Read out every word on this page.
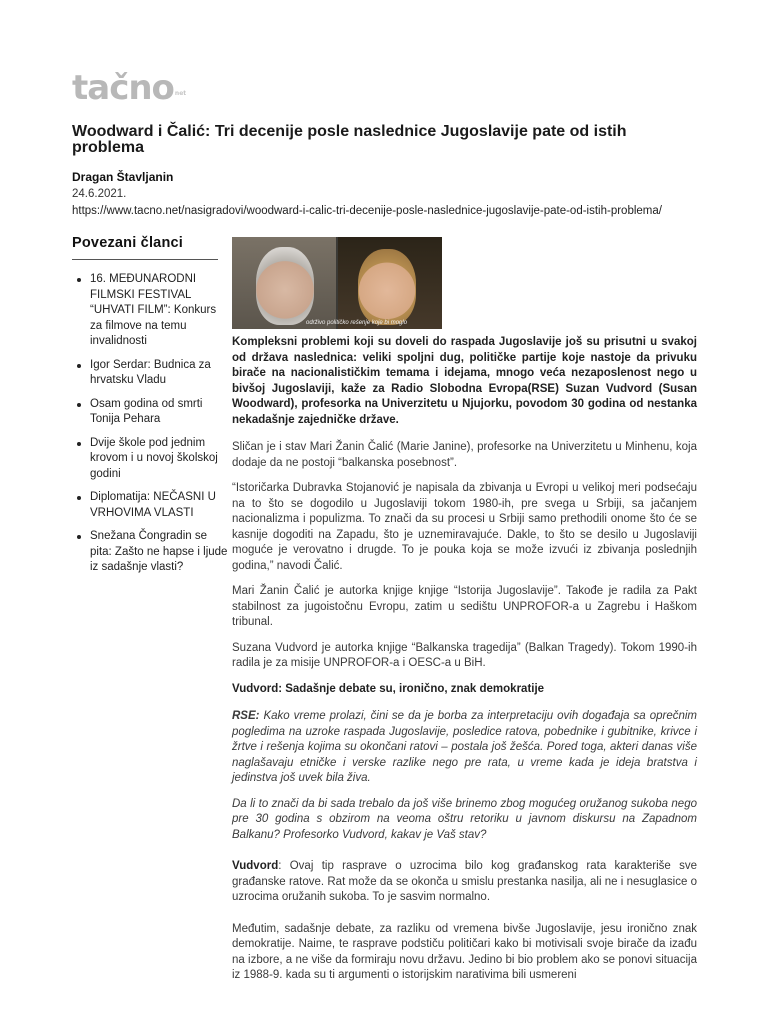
tačno$^{net}$
Woodward i Čalić: Tri decenije posle naslednice Jugoslavije pate od istih problema
Dragan Štavljanin
24.6.2021.
https://www.tacno.net/nasigradovi/woodward-i-calic-tri-decenije-posle-naslednice-jugoslavije-pate-od-istih-problema/
Povezani članci
16. MEĐUNARODNI FILMSKI FESTIVAL “UHVATI FILM”: Konkurs za filmove na temu invalidnosti
Igor Serdar: Budnica za hrvatsku Vladu
Osam godina od smrti Tonija Pehara
Dvije škole pod jednim krovom i u novoj školskoj godini
Diplomatija: NEČASNI U VRHOVIMA VLASTI
Snežana Čongradin se pita: Zašto ne hapse i ljude iz sadašnje vlasti?
održivo političko rešenje koje bi moglo

Kompleksni problemi koji su doveli do raspada Jugoslavije još su prisutni u svakoj od država naslednica: veliki spoljni dug, političke partije koje nastoje da privuku birače na nacionalističkim temama i idejama, mnogo veća nezaposlenost nego u bivšoj Jugoslaviji, kaže za Radio Slobodna Evropa(RSE) Suzan Vudvord (Susan Woodward), profesorka na Univerzitetu u Njujorku, povodom 30 godina od nestanka nekadašnje zajedničke države.

Sličan je i stav Mari Žanin Čalić (Marie Janine), profesorke na Univerzitetu u Minhenu, koja dodaje da ne postoji “balkanska posebnost”.

“Istoričarka Dubravka Stojanović je napisala da zbivanja u Evropi u velikoj meri podsećaju na to što se dogodilo u Jugoslaviji tokom 1980-ih, pre svega u Srbiji, sa jačanjem nacionalizma i populizma. To znači da su procesi u Srbiji samo prethodili onome što će se kasnije dogoditi na Zapadu, što je uznemiravajuće. Dakle, to što se desilo u Jugoslaviji moguće je verovatno i drugde. To je pouka koja se može izvući iz zbivanja poslednjih godina,” navodi Čalić.

Mari Žanin Čalić je autorka knjige knjige “Istorija Jugoslavije”. Takođe je radila za Pakt stabilnost za jugoistočnu Evropu, zatim u sedištu UNPROFOR-a u Zagrebu i Haškom tribunal.

Suzana Vudvord je autorka knjige “Balkanska tragedija” (Balkan Tragedy). Tokom 1990-ih radila je za misije UNPROFOR-a i OESC-a u BiH.

Vudvord: Sadašnje debate su, ironično, znak demokratije

RSE: Kako vreme prolazi, čini se da je borba za interpretaciju ovih događaja sa oprečnim pogledima na uzroke raspada Jugoslavije, posledice ratova, pobednike i gubitnike, krivce i žrtve i rešenja kojima su okončani ratovi – postala još žešća. Pored toga, akteri danas više naglašavaju etničke i verske razlike nego pre rata, u vreme kada je ideja bratstva i jedinstva još uvek bila živa.

Da li to znači da bi sada trebalo da još više brinemo zbog mogućeg oružanog sukoba nego pre 30 godina s obzirom na veoma oštru retoriku u javnom diskursu na Zapadnom Balkanu? Profesorko Vudvord, kakav je Vaš stav?

Vudvord: Ovaj tip rasprave o uzrocima bilo kog građanskog rata karakteriše sve građanske ratove. Rat može da se okonča u smislu prestanka nasilja, ali ne i nesuglasice o uzrocima oružanih sukoba. To je sasvim normalno.

Međutim, sadašnje debate, za razliku od vremena bivše Jugoslavije, jesu ironično znak demokratije. Naime, te rasprave podstiču političari kako bi motivisali svoje birače da izađu na izbore, a ne više da formiraju novu državu. Jedino bi bio problem ako se ponovi situacija iz 1988-9. kada su ti argumenti o istorijskim narativima bili usmereni
